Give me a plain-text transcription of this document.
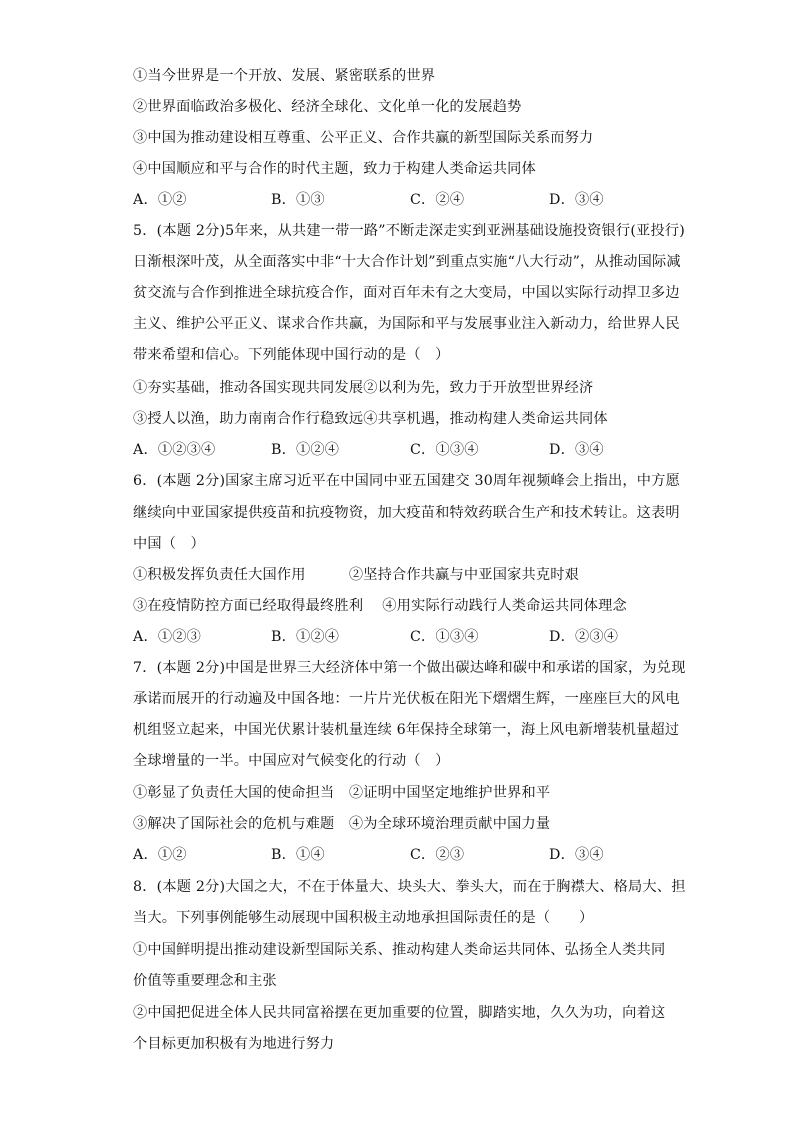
①当今世界是一个开放、发展、紧密联系的世界
②世界面临政治多极化、经济全球化、文化单一化的发展趋势
③中国为推动建设相互尊重、公平正义、合作共赢的新型国际关系而努力
④中国顺应和平与合作的时代主题，致力于构建人类命运共同体
A．①②	B．①③	C．②④	D．③④
5．(本题 2分)5年来，从共建一带一路”不断走深走实到亚洲基础设施投资银行(亚投行)
日渐根深叶茂，从全面落实中非“十大合作计划”到重点实施“八大行动”，从推动国际减
贫交流与合作到推进全球抗疫合作，面对百年未有之大变局，中国以实际行动捍卫多边
主义、维护公平正义、谋求合作共赢，为国际和平与发展事业注入新动力，给世界人民
带来希望和信心。下列能体现中国行动的是（　）
①夯实基础，推动各国实现共同发展②以利为先，致力于开放型世界经济
③授人以渔，助力南南合作行稳致远④共享机遇，推动构建人类命运共同体
A．①②③④	B．①②④	C．①③④	D．③④
6．(本题 2分)国家主席习近平在中国同中亚五国建交 30周年视频峰会上指出，中方愿
继续向中亚国家提供疫苗和抗疫物资，加大疫苗和特效药联合生产和技术转让。这表明
中国（　）
①积极发挥负责任大国作用　　　②坚持合作共赢与中亚国家共克时艰
③在疫情防控方面已经取得最终胜利　 ④用实际行动践行人类命运共同体理念
A．①②③	B．①②④	C．①③④	D．②③④
7．(本题 2分)中国是世界三大经济体中第一个做出碳达峰和碳中和承诺的国家，为兑现
承诺而展开的行动遍及中国各地：一片片光伏板在阳光下熠熠生辉，一座座巨大的风电
机组竖立起来，中国光伏累计装机量连续 6年保持全球第一，海上风电新增装机量超过
全球增量的一半。中国应对气候变化的行动（　）
①彰显了负责任大国的使命担当　②证明中国坚定地维护世界和平
③解决了国际社会的危机与难题　④为全球环境治理贡献中国力量
A．①②	B．①④	C．②③	D．③④
8．(本题 2分)大国之大，不在于体量大、块头大、拳头大，而在于胸襟大、格局大、担
当大。下列事例能够生动展现中国积极主动地承担国际责任的是（　　）
①中国鲜明提出推动建设新型国际关系、推动构建人类命运共同体、弘扬全人类共同
价值等重要理念和主张
②中国把促进全体人民共同富裕摆在更加重要的位置，脚踏实地，久久为功，向着这
个目标更加积极有为地进行努力
